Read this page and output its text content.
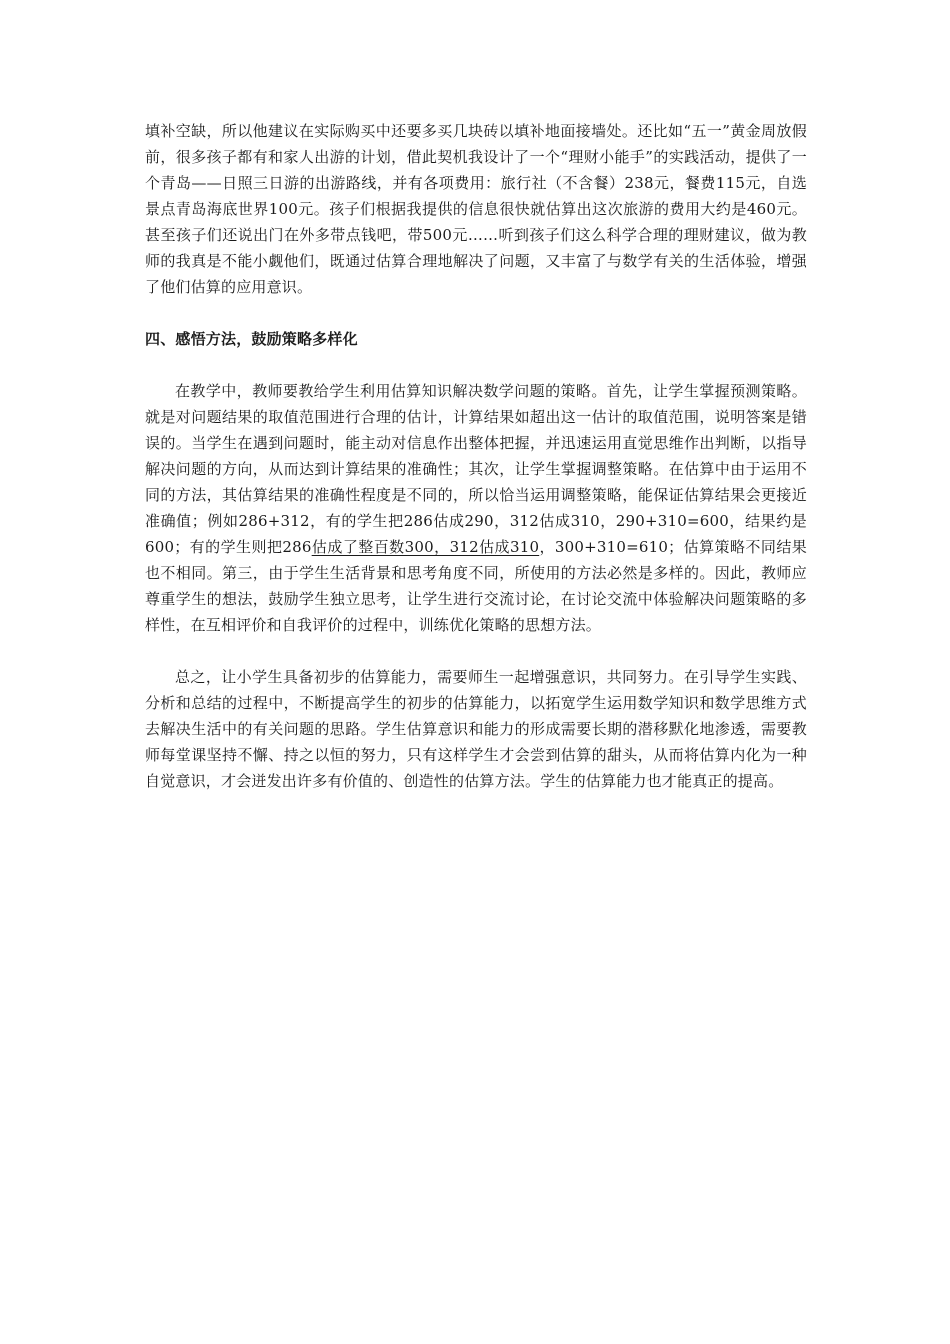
填补空缺，所以他建议在实际购买中还要多买几块砖以填补地面接墙处。还比如“五一”黄金周放假前，很多孩子都有和家人出游的计划，借此契机我设计了一个“理财小能手”的实践活动，提供了一个青岛——日照三日游的出游路线，并有各项费用：旅行社（不含餐）238元，餐费115元，自选景点青岛海底世界100元。孩子们根据我提供的信息很快就估算出这次旅游的费用大约是460元。甚至孩子们还说出门在外多带点钱吧，带500元……听到孩子们这么科学合理的理财建议，做为教师的我真是不能小觑他们，既通过估算合理地解决了问题，又丰富了与数学有关的生活体验，增强了他们估算的应用意识。

四、感悟方法，鼓励策略多样化

在教学中，教师要教给学生利用估算知识解决数学问题的策略。首先，让学生掌握预测策略。就是对问题结果的取值范围进行合理的估计，计算结果如超出这一估计的取值范围，说明答案是错误的。当学生在遇到问题时，能主动对信息作出整体把握，并迅速运用直觉思维作出判断，以指导解决问题的方向，从而达到计算结果的准确性；其次，让学生掌握调整策略。在估算中由于运用不同的方法，其估算结果的准确性程度是不同的，所以恰当运用调整策略，能保证估算结果会更接近准确值；例如286+312，有的学生把286估成290，312估成310，290+310=600，结果约是600；有的学生则把286估成了整百数300，312估成310，300+310=610；估算策略不同结果也不相同。第三，由于学生生活背景和思考角度不同，所使用的方法必然是多样的。因此，教师应尊重学生的想法，鼓励学生独立思考，让学生进行交流讨论，在讨论交流中体验解决问题策略的多样性，在互相评价和自我评价的过程中，训练优化策略的思想方法。

总之，让小学生具备初步的估算能力，需要师生一起增强意识，共同努力。在引导学生实践、分析和总结的过程中，不断提高学生的初步的估算能力，以拓宽学生运用数学知识和数学思维方式去解决生活中的有关问题的思路。学生估算意识和能力的形成需要长期的潜移默化地渗透，需要教师每堂课坚持不懈、持之以恒的努力，只有这样学生才会尝到估算的甜头，从而将估算内化为一种自觉意识，才会迸发出许多有价值的、创造性的估算方法。学生的估算能力也才能真正的提高。
